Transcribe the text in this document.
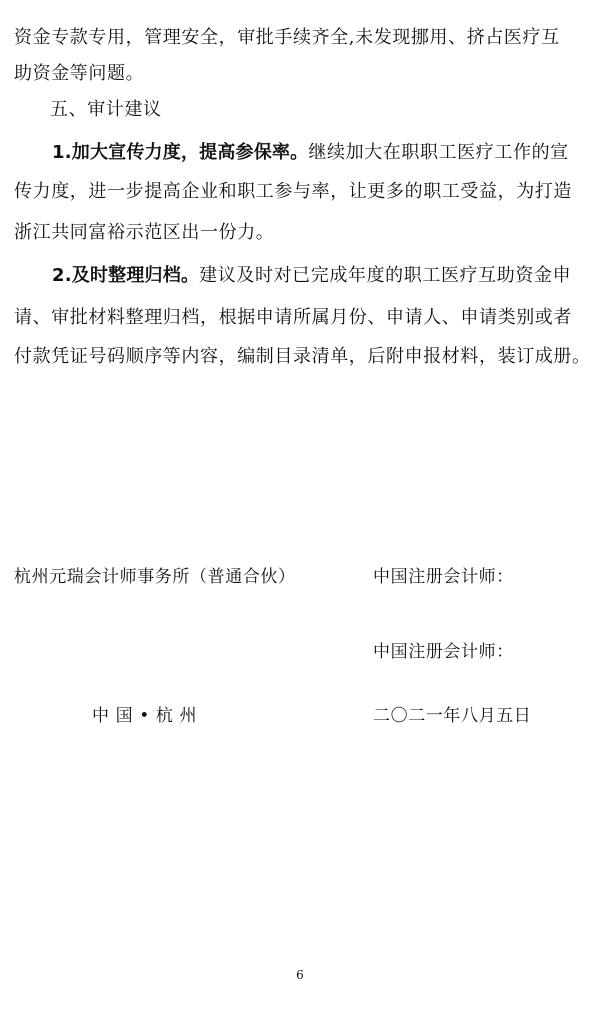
资金专款专用，管理安全，审批手续齐全,未发现挪用、挤占医疗互
助资金等问题。
五、审计建议
1.加大宣传力度，提高参保率。继续加大在职职工医疗工作的宣
传力度，进一步提高企业和职工参与率，让更多的职工受益，为打造
浙江共同富裕示范区出一份力。
2.及时整理归档。建议及时对已完成年度的职工医疗互助资金申
请、审批材料整理归档，根据申请所属月份、申请人、申请类别或者
付款凭证号码顺序等内容，编制目录清单，后附申报材料，装订成册。
杭州元瑞会计师事务所（普通合伙）	中国注册会计师：
中国注册会计师：
中 国 • 杭 州	二〇二一年八月五日
6
